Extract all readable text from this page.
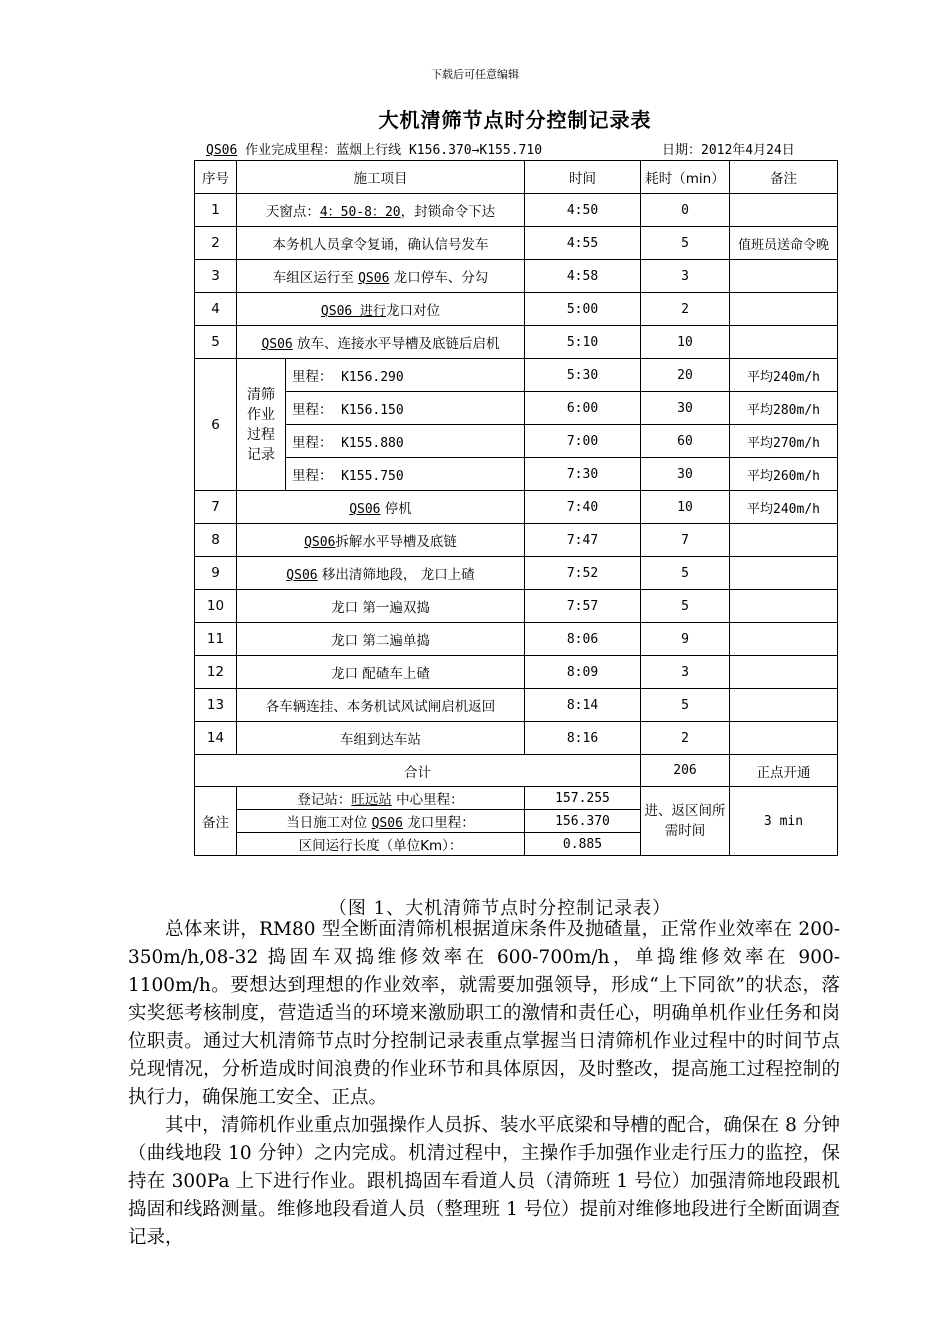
下载后可任意编辑
大机清筛节点时分控制记录表
QS06 作业完成里程：蓝烟上行线 K156.370→K155.710	日期：2012年4月24日
序号	施工项目		时间	耗时（min）	备注
1	天窗点：4：50-8：20，封锁命令下达		4:50	0	
2	本务机人员拿令复诵，确认信号发车		4:55	5	值班员送命令晚
3	车组区运行至 QS06 龙口停车、分勾		4:58	3	
4	QS06 进行龙口对位		5:00	2	
5	QS06 放车、连接水平导槽及底链后启机		5:10	10	
6	清筛作业过程记录	里程： K156.290	5:30	20	平均240m/h
		里程： K156.150	6:00	30	平均280m/h
		里程： K155.880	7:00	60	平均270m/h
		里程： K155.750	7:30	30	平均260m/h
7	QS06 停机		7:40	10	平均240m/h
8	QS06拆解水平导槽及底链		7:47	7	
9	QS06 移出清筛地段， 龙口上碴		7:52	5	
10	龙口 第一遍双捣		7:57	5	
11	龙口 第二遍单捣		8:06	9	
12	龙口 配碴车上碴		8:09	3	
13	各车辆连挂、本务机试风试闸启机返回		8:14	5	
14	车组到达车站		8:16	2	
合计				206	正点开通
备注	登记站：旺远站 中心里程：		157.255	进、返区间所需时间	3 min
	当日施工对位 QS06 龙口里程：		156.370		
	区间运行长度（单位Km）：		0.885		
（图 1、大机清筛节点时分控制记录表）

总体来讲，RM80 型全断面清筛机根据道床条件及抛碴量，正常作业效率在 200-350m/h,08-32 捣固车双捣维修效率在 600-700m/h，单捣维修效率在 900-1100m/h。要想达到理想的作业效率，就需要加强领导，形成“上下同欲”的状态，落实奖惩考核制度，营造适当的环境来激励职工的激情和责任心，明确单机作业任务和岗位职责。通过大机清筛节点时分控制记录表重点掌握当日清筛机作业过程中的时间节点兑现情况，分析造成时间浪费的作业环节和具体原因，及时整改，提高施工过程控制的执行力，确保施工安全、正点。

其中，清筛机作业重点加强操作人员拆、装水平底梁和导槽的配合，确保在 8 分钟（曲线地段 10 分钟）之内完成。机清过程中，主操作手加强作业走行压力的监控，保持在 300Pa 上下进行作业。跟机捣固车看道人员（清筛班 1 号位）加强清筛地段跟机捣固和线路测量。维修地段看道人员（整理班 1 号位）提前对维修地段进行全断面调查记录，
